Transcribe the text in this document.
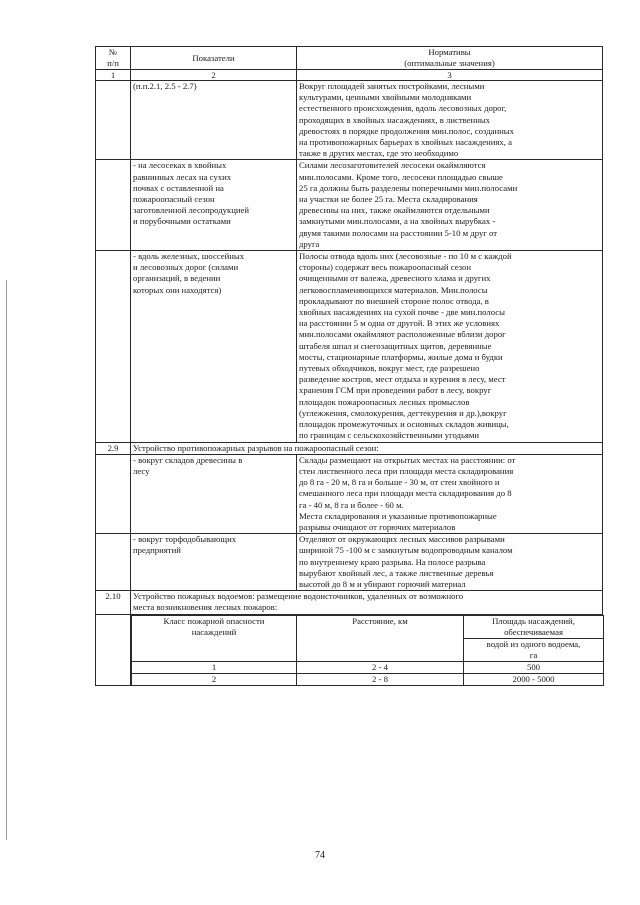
№
п/п	Показатели	Нормативы
(оптимальные значения)
1	2	3
	(п.п.2.1, 2.5 - 2.7)	Вокруг площадей занятых постройками, лесными
культурами, ценными хвойными молодняками
естественного происхождения, вдоль лесовозных дорог,
проходящих в хвойных насаждениях, в лиственных
древостоях в порядке продолжения мин.полос, созданных
на противопожарных барьерах в хвойных насаждениях, а
также в других местах, где это необходимо
	- на лесосеках в хвойных
равнинных лесах на сухих
почвах с оставленной на
пожароопасный сезон
заготовленной лесопродукцией
и порубочными остатками	Силами лесозаготовителей лесосеки окаймляются
мин.полосами. Кроме того, лесосеки площадью свыше
25 га должны быть разделены поперечными мин.полосами
на участки не более 25 га. Места складирования
древесины на них, также окаймляются отдельными
замкнутыми мин.полосами, а на хвойных вырубках -
двумя такими полосами на расстоянии 5-10 м друг от
друга
	- вдоль железных, шоссейных
и лесовозных дорог (силами
организаций, в ведении
которых они находятся)	Полосы отвода вдоль них (лесовозные - по 10 м с каждой
стороны) содержат весь пожароопасный сезон
очищенными от валежа, древесного хлама и других
легковоспламеняющихся материалов. Мин.полосы
прокладывают по внешней стороне полос отвода, в
хвойных насаждениях на сухой почве - две мин.полосы
на расстоянии 5 м одна от другой. В этих же условиях
мин.полосами окаймляют расположенные вблизи дорог
штабеля шпал и снегозащитных щитов, деревянные
мосты, стационарные платформы, жилые дома и будки
путевых обходчиков, вокруг мест, где разрешено
разведение костров, мест отдыха и курения в лесу, мест
хранения ГСМ при проведении работ в лесу, вокруг
площадок пожароопасных лесных промыслов
(углежжения, смолокурения, дегтекурения и др.),вокруг
площадок промежуточных и основных складов живицы,
по границам с сельскохозяйственными угодьями
2.9	Устройство противопожарных разрывов на пожароопасный сезон:
	- вокруг складов древесины в
лесу	Склады размещают на открытых местах на расстоянии: от
стен лиственного леса при площади места складирования
до 8 га - 20 м, 8 га и больше - 30 м, от стен хвойного и
смешанного леса при площади места складирования до 8
га - 40 м, 8 га и более - 60 м.
Места складирования и указанные противопожарные
разрывы очищают от горючих материалов
	- вокруг торфодобывающих
предприятий	Отделяют от окружающих лесных массивов разрывами
шириной 75 -100 м с замкнутым водопроводным каналом
по внутреннему краю разрыва. На полосе разрыва
вырубают хвойный лес, а также лиственные деревья
высотой до 8 м и убирают горючий материал
2.10	Устройство пожарных водоемов: размещение водоисточников, удаленных от возможного
места возникновения лесных пожаров:

Класс пожарной опасности
насаждений	Расстояние, км	Площадь насаждений,
обеспечиваемая
водой из одного водоема,
га
1	2 - 4	500
2	2 - 8	2000 - 5000
74
